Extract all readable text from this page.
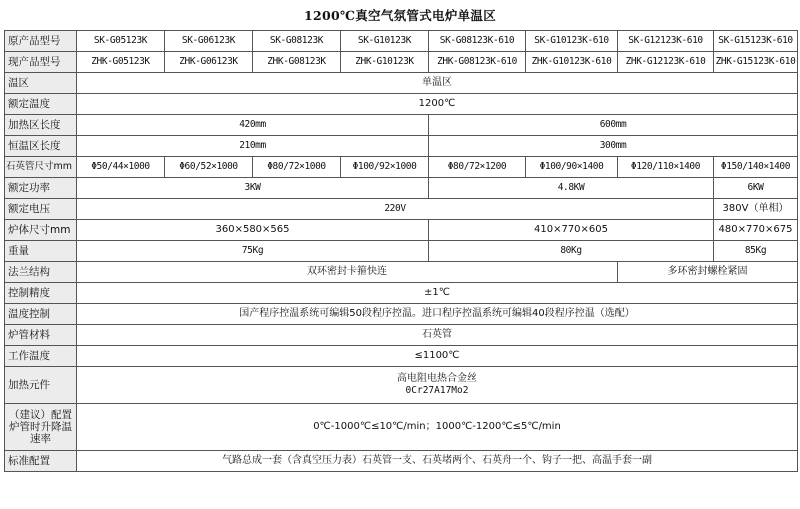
1200℃真空气氛管式电炉单温区
原产品型号	SK-G05123K	SK-G06123K	SK-G08123K	SK-G10123K	SK-G08123K-610	SK-G10123K-610	SK-G12123K-610	SK-G15123K-610
现产品型号	ZHK-G05123K	ZHK-G06123K	ZHK-G08123K	ZHK-G10123K	ZHK-G08123K-610	ZHK-G10123K-610	ZHK-G12123K-610	ZHK-G15123K-610
温区	单温区							
额定温度	1200℃							
加热区长度	420mm				600mm			
恒温区长度	210mm				300mm			
石英管尺寸mm	Φ50/44×1000	Φ60/52×1000	Φ80/72×1000	Φ100/92×1000	Φ80/72×1200	Φ100/90×1400	Φ120/110×1400	Φ150/140×1400
额定功率	3KW				4.8KW			6KW
额定电压	220V							380V（单相）
炉体尺寸mm	360×580×565				410×770×605			480×770×675
重量	75Kg				80Kg			85Kg
法兰结构	双环密封卡箍快连						多环密封螺栓紧固	
控制精度	±1℃							
温度控制	国产程序控温系统可编辑50段程序控温。进口程序控温系统可编辑40段程序控温（选配）							
炉管材料	石英管							
工作温度	≤1100℃							
加热元件	高电阻电热合金丝
0Cr27A17Mo2							

（建议）配置
炉管时升降温
速率	0℃-1000℃≤10℃/min；1000℃-1200℃≤5℃/min							
标准配置	气路总成一套（含真空压力表）石英管一支、石英堵两个、石英舟一个、钩子一把、高温手套一副							
